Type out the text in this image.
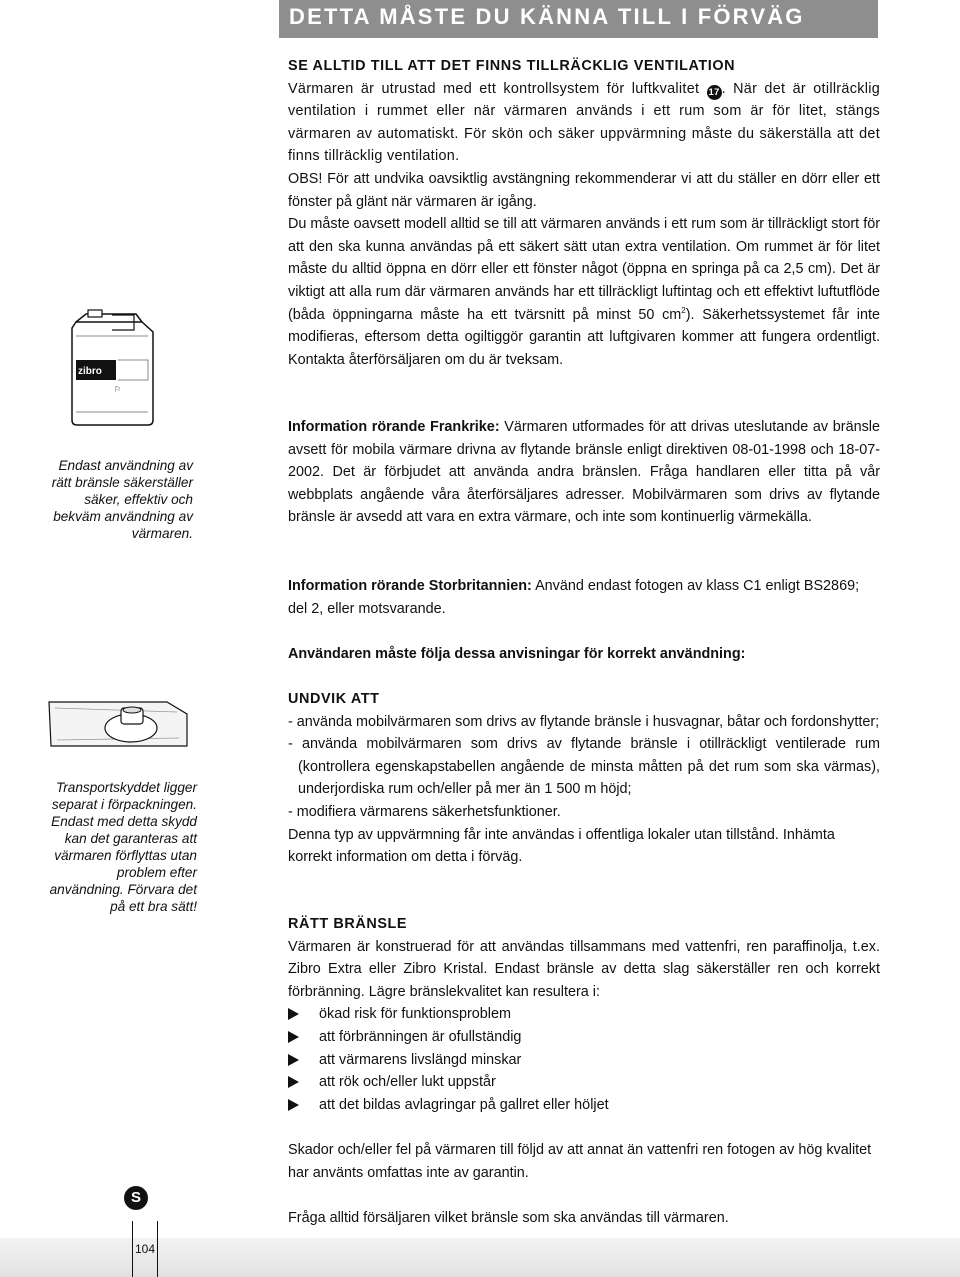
DETTA MÅSTE DU KÄNNA TILL I FÖRVÄG
SE ALLTID TILL ATT DET FINNS TILLRÄCKLIG VENTILATION

Värmaren är utrustad med ett kontrollsystem för luftkvalitet 17 . När det är otillräcklig ventilation i rummet eller när värmaren används i ett rum som är för litet, stängs värmaren av automatiskt. För skön och säker uppvärmning måste du säkerställa att det finns tillräcklig ventilation.

OBS! För att undvika oavsiktlig avstängning rekommenderar vi att du ställer en dörr eller ett fönster på glänt när värmaren är igång.

Du måste oavsett modell alltid se till att värmaren används i ett rum som är tillräckligt stort för att den ska kunna användas på ett säkert sätt utan extra ventilation. Om rummet är för litet måste du alltid öppna en dörr eller ett fönster något (öppna en springa på ca 2,5 cm). Det är viktigt att alla rum där värmaren används har ett tillräckligt luftintag och ett effektivt luftutflöde (båda öppningarna måste ha ett tvärsnitt på minst 50 $cm^2$). Säkerhetssystemet får inte modifieras, eftersom detta ogiltiggör garantin att luftgivaren kommer att fungera ordentligt. Kontakta återförsäljaren om du är tveksam.

Information rörande Frankrike: Värmaren utformades för att drivas uteslutande av bränsle avsett för mobila värmare drivna av flytande bränsle enligt direktiven 08-01-1998 och 18-07-2002. Det är förbjudet att använda andra bränslen. Fråga handlaren eller titta på vår webbplats angående våra återförsäljares adresser. Mobilvärmaren som drivs av flytande bränsle är avsedd att vara en extra värmare, och inte som kontinuerlig värmekälla.

Information rörande Storbritannien: Använd endast fotogen av klass C1 enligt BS2869; del 2, eller motsvarande.

Användaren måste följa dessa anvisningar för korrekt användning:
UNDVIK ATT
- använda mobilvärmaren som drivs av flytande bränsle i husvagnar, båtar och fordonshytter;
- använda mobilvärmaren som drivs av flytande bränsle i otillräckligt ventilerade rum (kontrollera egenskapstabellen angående de minsta måtten på det rum som ska värmas), underjordiska rum och/eller på mer än 1 500 m höjd;
- modifiera värmarens säkerhetsfunktioner.

Denna typ av uppvärmning får inte användas i offentliga lokaler utan tillstånd. Inhämta korrekt information om detta i förväg.

RÄTT BRÄNSLE

Värmaren är konstruerad för att användas tillsammans med vattenfri, ren paraffinolja, t.ex. Zibro Extra eller Zibro Kristal. Endast bränsle av detta slag säkerställer ren och korrekt förbränning. Lägre bränslekvalitet kan resultera i:

ökad risk för funktionsproblem
att förbränningen är ofullständig
att värmarens livslängd minskar
att rök och/eller lukt uppstår
att det bildas avlagringar på gallret eller höljet

Skador och/eller fel på värmaren till följd av att annat än vattenfri ren fotogen av hög kvalitet har använts omfattas inte av garantin.

Fråga alltid försäljaren vilket bränsle som ska användas till värmaren.

zibro
⚐
Endast användning av rätt bränsle säkerställer säker, effektiv och bekväm användning av värmaren.
Transportskyddet ligger separat i förpackningen. Endast med detta skydd kan det garanteras att värmaren förflyttas utan problem efter användning. Förvara det på ett bra sätt!
S
104
